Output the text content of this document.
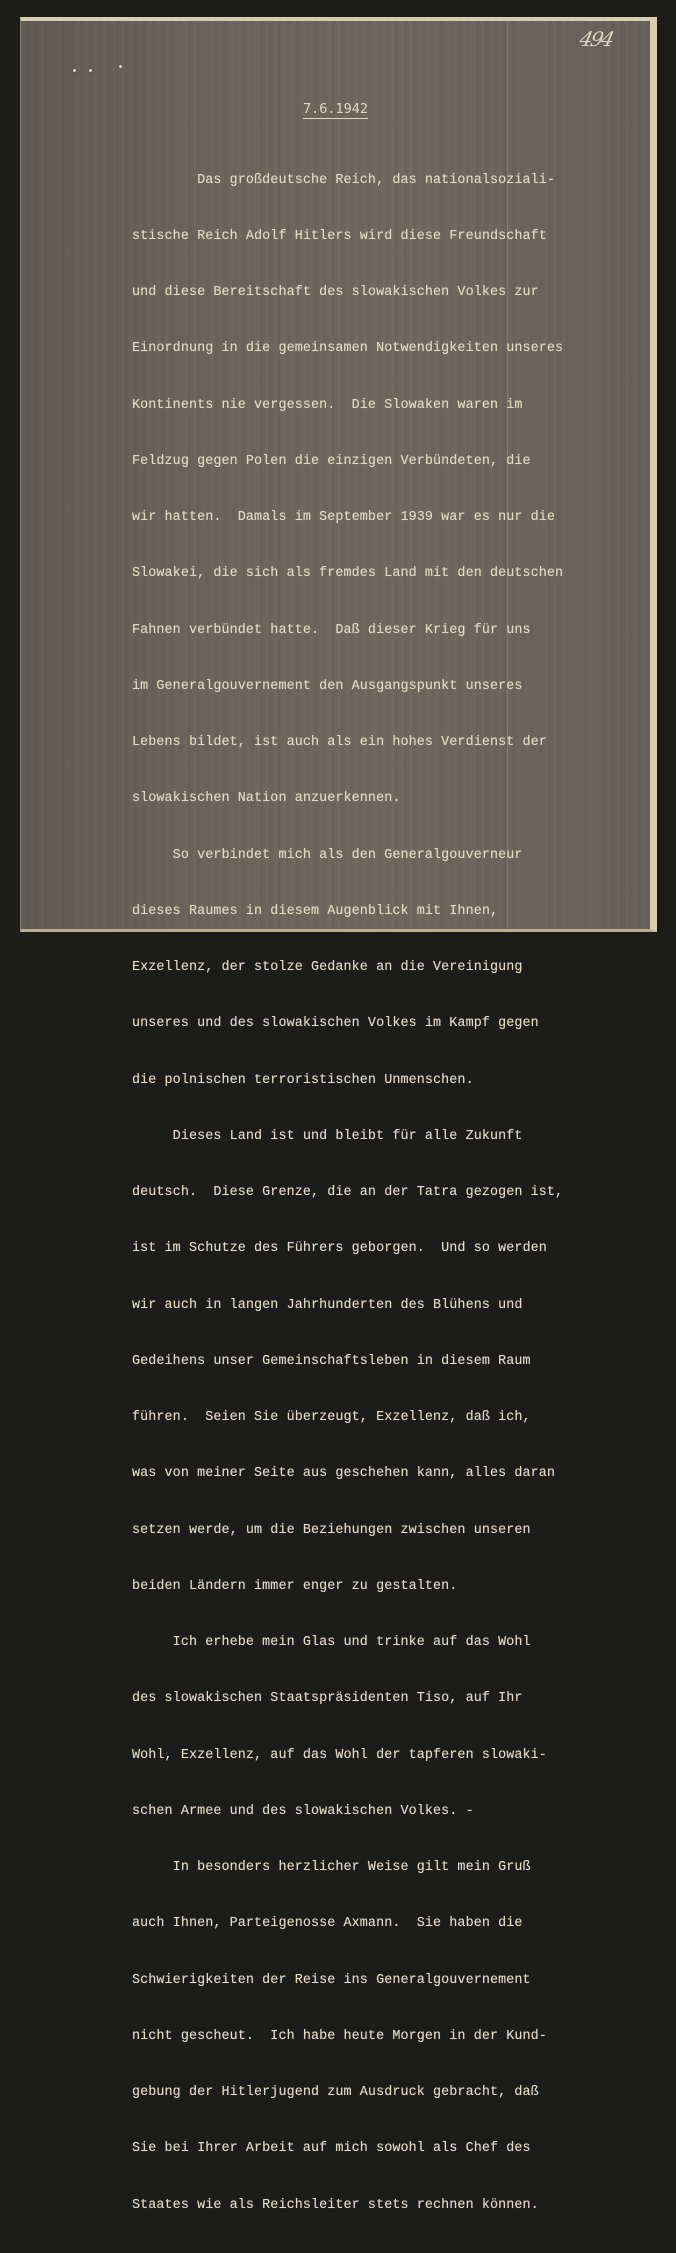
494
7.6.1942

Das großdeutsche Reich, das nationalsoziali-

stische Reich Adolf Hitlers wird diese Freundschaft

und diese Bereitschaft des slowakischen Volkes zur

Einordnung in die gemeinsamen Notwendigkeiten unseres

Kontinents nie vergessen.  Die Slowaken waren im

Feldzug gegen Polen die einzigen Verbündeten, die

wir hatten.  Damals im September 1939 war es nur die

Slowakei, die sich als fremdes Land mit den deutschen

Fahnen verbündet hatte.  Daß dieser Krieg für uns

im Generalgouvernement den Ausgangspunkt unseres

Lebens bildet, ist auch als ein hohes Verdienst der

slowakischen Nation anzuerkennen.

So verbindet mich als den Generalgouverneur

dieses Raumes in diesem Augenblick mit Ihnen,

Exzellenz, der stolze Gedanke an die Vereinigung

unseres und des slowakischen Volkes im Kampf gegen

die polnischen terroristischen Unmenschen.

Dieses Land ist und bleibt für alle Zukunft

deutsch.  Diese Grenze, die an der Tatra gezogen ist,

ist im Schutze des Führers geborgen.  Und so werden

wir auch in langen Jahrhunderten des Blühens und

Gedeihens unser Gemeinschaftsleben in diesem Raum

führen.  Seien Sie überzeugt, Exzellenz, daß ich,

was von meiner Seite aus geschehen kann, alles daran

setzen werde, um die Beziehungen zwischen unseren

beiden Ländern immer enger zu gestalten.

Ich erhebe mein Glas und trinke auf das Wohl

des slowakischen Staatspräsidenten Tiso, auf Ihr

Wohl, Exzellenz, auf das Wohl der tapferen slowaki-

schen Armee und des slowakischen Volkes. -

In besonders herzlicher Weise gilt mein Gruß

auch Ihnen, Parteigenosse Axmann.  Sie haben die

Schwierigkeiten der Reise ins Generalgouvernement

nicht gescheut.  Ich habe heute Morgen in der Kund-

gebung der Hitlerjugend zum Ausdruck gebracht, daß

Sie bei Ihrer Arbeit auf mich sowohl als Chef des

Staates wie als Reichsleiter stets rechnen können.
